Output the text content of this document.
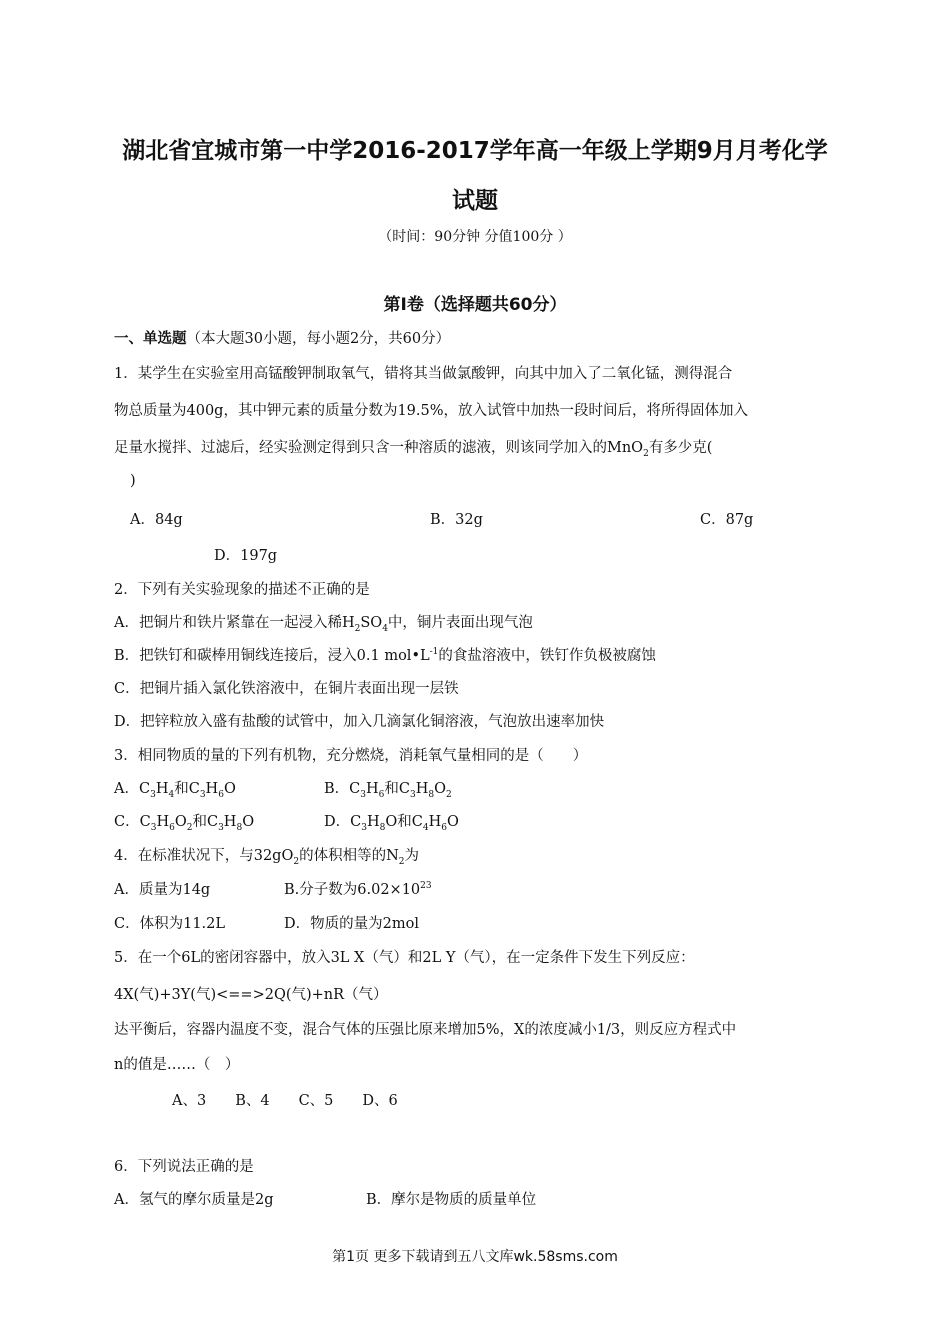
湖北省宜城市第一中学2016-2017学年高一年级上学期9月月考化学
试题
（时间：90分钟 分值100分 ）
第Ⅰ卷（选择题共60分）
一、单选题（本大题30小题，每小题2分，共60分）
1．某学生在实验室用高锰酸钾制取氧气，错将其当做氯酸钾，向其中加入了二氧化锰，测得混合
物总质量为400g，其中钾元素的质量分数为19.5%，放入试管中加热一段时间后，将所得固体加入
足量水搅拌、过滤后，经实验测定得到只含一种溶质的滤液，则该同学加入的MnO$_2$有多少克(
)
A．84g	B．32g	C．87g
D．197g
2．下列有关实验现象的描述不正确的是
A．把铜片和铁片紧靠在一起浸入稀$H_2SO_4$中，铜片表面出现气泡
B．把铁钉和碳棒用铜线连接后，浸入0.1 $mol•L^{-1}$的食盐溶液中，铁钉作负极被腐蚀
C．把铜片插入氯化铁溶液中，在铜片表面出现一层铁
D．把锌粒放入盛有盐酸的试管中，加入几滴氯化铜溶液，气泡放出速率加快
3．相同物质的量的下列有机物，充分燃烧，消耗氧气量相同的是（　　）
A．$C_3H_4$和$C_3H_6O$	B．$C_3H_6$和$C_3H_8O_2$
C．$C_3H_6O_2$和$C_3H_8O$	D．$C_3H_8O$和$C_4H_6O$
4．在标准状况下，与$32gO_2$的体积相等的$N_2$为
A．质量为14g	B.分子数为$6.02\times 10^{23}$
C．体积为11.2L	D．物质的量为2mol
5．在一个6L的密闭容器中，放入3L X（气）和2L Y（气），在一定条件下发生下列反应：
4X(气)+3Y(气)<==>2Q(气)+nR（气）
达平衡后，容器内温度不变，混合气体的压强比原来增加5%，X的浓度减小1/3，则反应方程式中
n的值是……（　）
A、3　　B、4　　C、5　　D、6
6．下列说法正确的是
A．氢气的摩尔质量是2g	B．摩尔是物质的质量单位
第1页 更多下载请到五八文库wk.58sms.com
